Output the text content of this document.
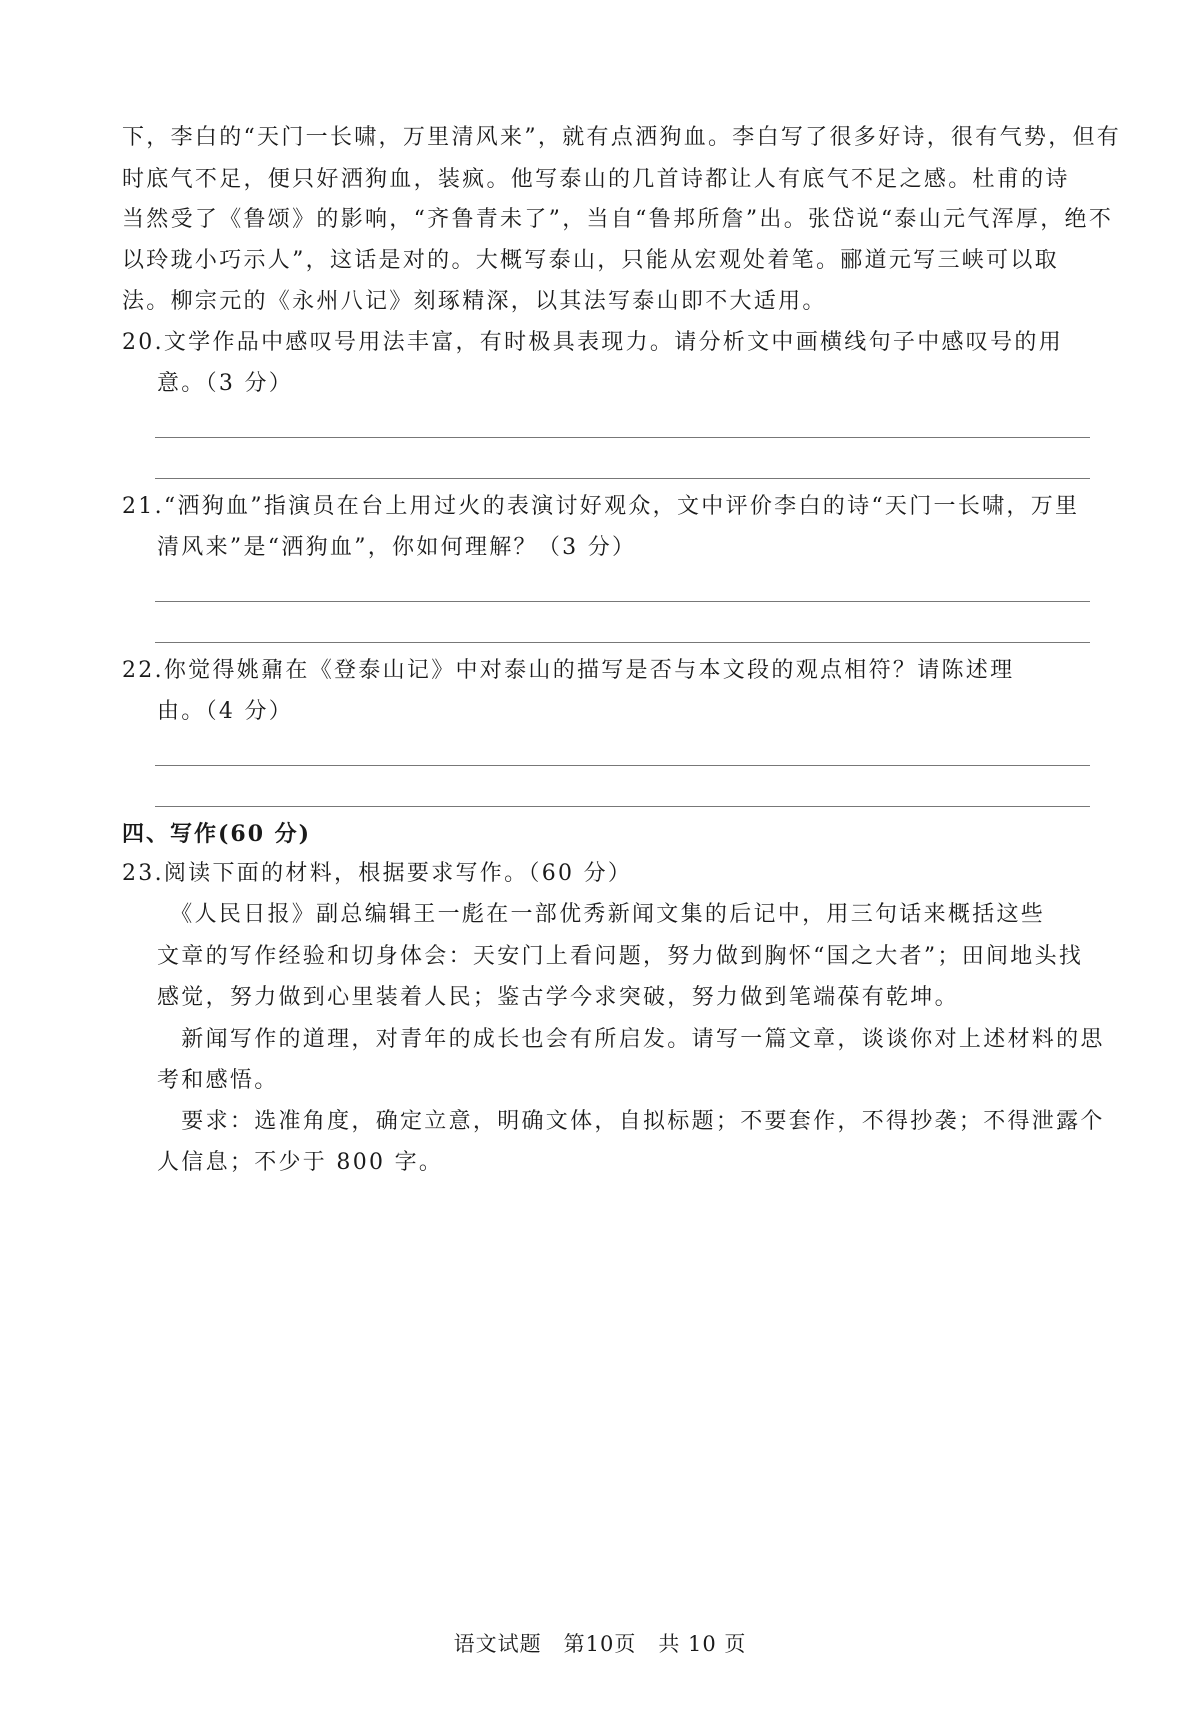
下，李白的“天门一长啸，万里清风来”，就有点洒狗血。李白写了很多好诗，很有气势，但有
时底气不足，便只好洒狗血，装疯。他写泰山的几首诗都让人有底气不足之感。杜甫的诗
当然受了《鲁颂》的影响，“齐鲁青未了”，当自“鲁邦所詹”出。张岱说“泰山元气浑厚，绝不
以玲珑小巧示人”，这话是对的。大概写泰山，只能从宏观处着笔。郦道元写三峡可以取
法。柳宗元的《永州八记》刻琢精深，以其法写泰山即不大适用。
20.文学作品中感叹号用法丰富，有时极具表现力。请分析文中画横线句子中感叹号的用
意。（3 分）
21.“洒狗血”指演员在台上用过火的表演讨好观众，文中评价李白的诗“天门一长啸，万里
清风来”是“洒狗血”，你如何理解？（3 分）
22.你觉得姚鼐在《登泰山记》中对泰山的描写是否与本文段的观点相符？请陈述理
由。（4 分）
四、写作(60 分)
23.阅读下面的材料，根据要求写作。（60 分）
　《人民日报》副总编辑王一彪在一部优秀新闻文集的后记中，用三句话来概括这些
文章的写作经验和切身体会：天安门上看问题，努力做到胸怀“国之大者”；田间地头找
感觉，努力做到心里装着人民；鉴古学今求突破，努力做到笔端葆有乾坤。
　新闻写作的道理，对青年的成长也会有所启发。请写一篇文章，谈谈你对上述材料的思
考和感悟。
　要求：选准角度，确定立意，明确文体，自拟标题；不要套作，不得抄袭；不得泄露个
人信息；不少于 800 字。
语文试题 第10页 共 10 页
